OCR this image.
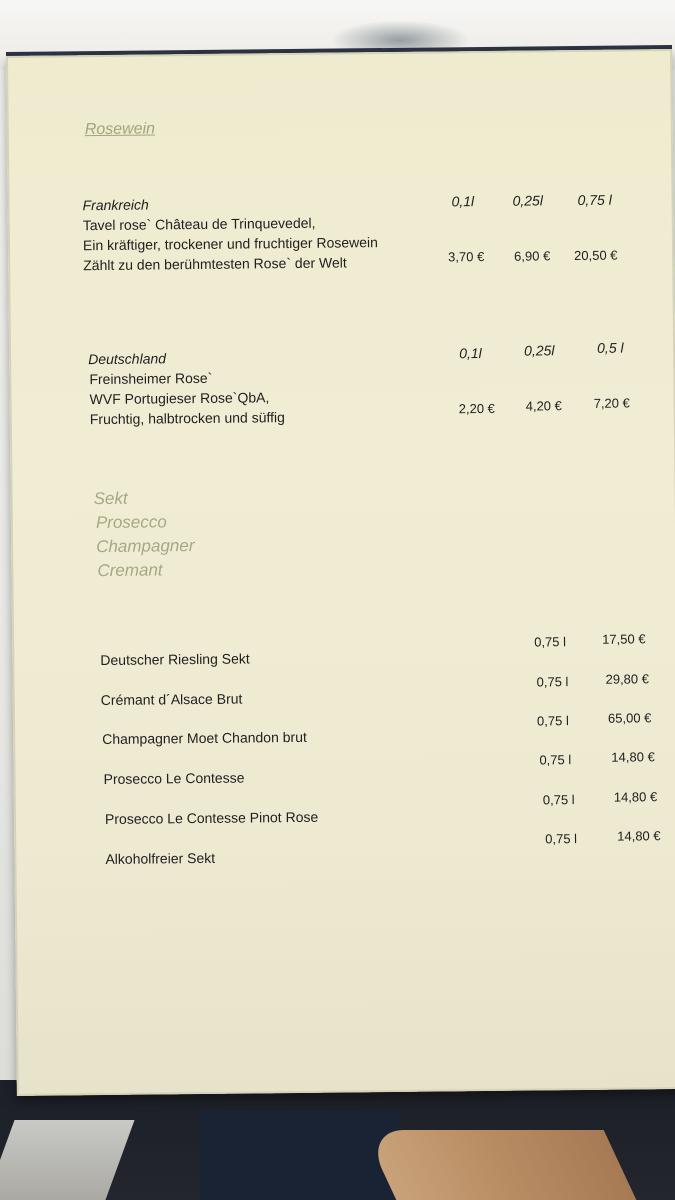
Rosewein
Frankreich	0,1l	0,25l 0,75 l
Tavel rose` Château de Trinquevedel,
Ein kräftiger, trockener und fruchtiger Rosewein
Zählt zu den berühmtesten Rose` der Welt	3,70 € 6,90 € 20,50 €
Deutschland	0,1l	0,25l	0,5 l
Freinsheimer Rose`
WVF Portugieser Rose`QbA,
Fruchtig, halbtrocken und süffig
2,20 € 4,20 € 7,20 €
Sekt
Prosecco
Champagner
Cremant
Deutscher Riesling Sekt
0,75 l	17,50 €
Crémant d´Alsace Brut
0,75 l	29,80 €
Champagner Moet Chandon brut
0,75 l	65,00 €
Prosecco Le Contesse
0,75 l	14,80 €
Prosecco Le Contesse Pinot Rose
0,75 l	14,80 €
Alkoholfreier Sekt
0,75 l	14,80 €
